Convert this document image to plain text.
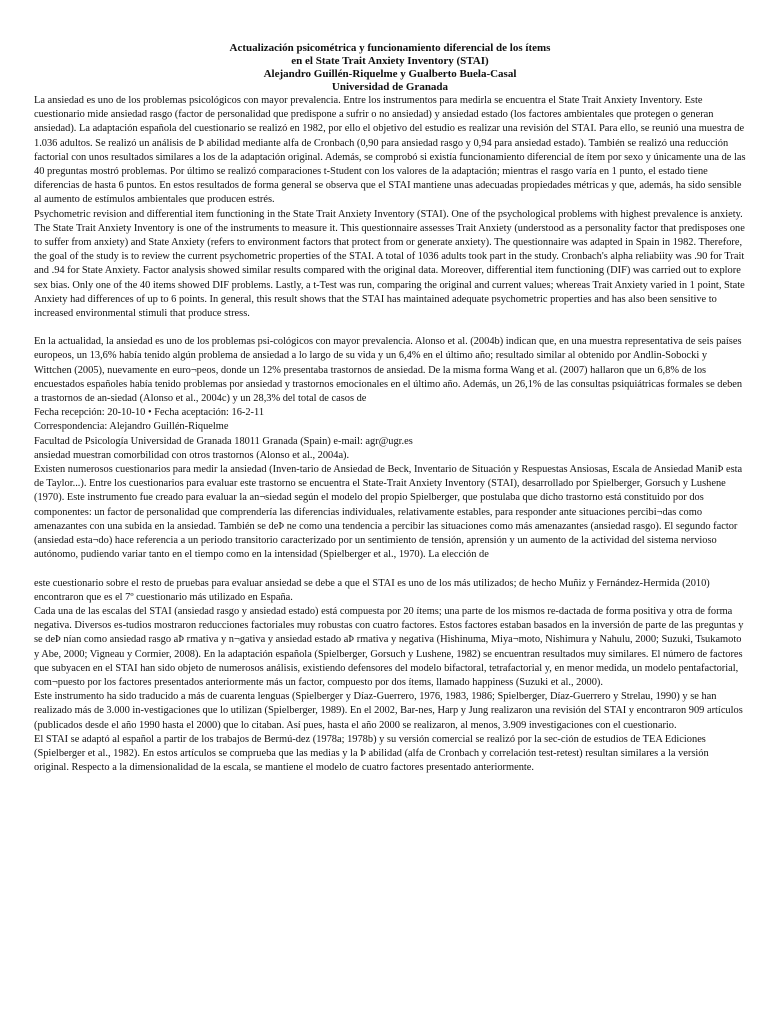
Actualización psicométrica y funcionamiento diferencial de los ítems
en el State Trait Anxiety Inventory (STAI)
Alejandro Guillén-Riquelme y Gualberto Buela-Casal
Universidad de Granada

La ansiedad es uno de los problemas psicológicos con mayor prevalencia. Entre los instrumentos para medirla se encuentra el State Trait Anxiety Inventory. Este cuestionario mide ansiedad rasgo (factor de personalidad que predispone a sufrir o no ansiedad) y ansiedad estado (los factores ambientales que protegen o generan ansiedad). La adaptación española del cuestionario se realizó en 1982, por ello el objetivo del estudio es realizar una revisión del STAI. Para ello, se reunió una muestra de 1.036 adultos. Se realizó un análisis de Þ abilidad mediante alfa de Cronbach (0,90 para ansiedad rasgo y 0,94 para ansiedad estado). También se realizó una reducción factorial con unos resultados similares a los de la adaptación original. Además, se comprobó si existía funcionamiento diferencial de ítem por sexo y únicamente una de las 40 preguntas mostró problemas. Por último se realizó comparaciones t-Student con los valores de la adaptación; mientras el rasgo varía en 1 punto, el estado tiene diferencias de hasta 6 puntos. En estos resultados de forma general se observa que el STAI mantiene unas adecuadas propiedades métricas y que, además, ha sido sensible al aumento de estímulos ambientales que producen estrés.

Psychometric revision and differential item functioning in the State Trait Anxiety Inventory (STAI). One of the psychological problems with highest prevalence is anxiety. The State Trait Anxiety Inventory is one of the instruments to measure it. This questionnaire assesses Trait Anxiety (understood as a personality factor that predisposes one to suffer from anxiety) and State Anxiety (refers to environment factors that protect from or generate anxiety). The questionnaire was adapted in Spain in 1982. Therefore, the goal of the study is to review the current psychometric properties of the STAI. A total of 1036 adults took part in the study. Cronbach's alpha reliabiity was .90 for Trait and .94 for State Anxiety. Factor analysis showed similar results compared with the original data. Moreover, differential item functioning (DIF) was carried out to explore sex bias. Only one of the 40 items showed DIF problems. Lastly, a t-Test was run, comparing the original and current values; whereas Trait Anxiety varied in 1 point, State Anxiety had differences of up to 6 points. In general, this result shows that the STAI has maintained adequate psychometric properties and has also been sensitive to increased environmental stimuli that produce stress.

En la actualidad, la ansiedad es uno de los problemas psi-cológicos con mayor prevalencia. Alonso et al. (2004b) indican que, en una muestra representativa de seis países europeos, un 13,6% había tenido algún problema de ansiedad a lo largo de su vida y un 6,4% en el último año; resultado similar al obtenido por Andlin-Sobocki y Wittchen (2005), nuevamente en euro¬peos, donde un 12% presentaba trastornos de ansiedad. De la misma forma Wang et al. (2007) hallaron que un 6,8% de los encuestados españoles había tenido problemas por ansiedad y trastornos emocionales en el último año. Además, un 26,1% de las consultas psiquiátricas formales se deben a trastornos de an-siedad (Alonso et al., 2004c) y un 28,3% del total de casos de

Fecha recepción: 20-10-10 • Fecha aceptación: 16-2-11

Correspondencia: Alejandro Guillén-Riquelme

Facultad de Psicología Universidad de Granada 18011 Granada (Spain) e-mail: agr@ugr.es

ansiedad muestran comorbilidad con otros trastornos (Alonso et al., 2004a).

Existen numerosos cuestionarios para medir la ansiedad (Inven-tario de Ansiedad de Beck, Inventario de Situación y Respuestas Ansiosas, Escala de Ansiedad ManiÞ esta de Taylor...). Entre los cuestionarios para evaluar este trastorno se encuentra el State-Trait Anxiety Inventory (STAI), desarrollado por Spielberger, Gorsuch y Lushene (1970). Este instrumento fue creado para evaluar la an¬siedad según el modelo del propio Spielberger, que postulaba que dicho trastorno está constituido por dos componentes: un factor de personalidad que comprendería las diferencias individuales, relativamente estables, para responder ante situaciones percibi¬das como amenazantes con una subida en la ansiedad. También se deÞ ne como una tendencia a percibir las situaciones como más amenazantes (ansiedad rasgo). El segundo factor (ansiedad esta¬do) hace referencia a un periodo transitorio caracterizado por un sentimiento de tensión, aprensión y un aumento de la actividad del sistema nervioso autónomo, pudiendo variar tanto en el tiempo como en la intensidad (Spielberger et al., 1970). La elección de

este cuestionario sobre el resto de pruebas para evaluar ansiedad se debe a que el STAI es uno de los más utilizados; de hecho Muñiz y Fernández-Hermida (2010) encontraron que es el 7º cuestionario más utilizado en España.

Cada una de las escalas del STAI (ansiedad rasgo y ansiedad estado) está compuesta por 20 ítems; una parte de los mismos re-dactada de forma positiva y otra de forma negativa. Diversos es-tudios mostraron reducciones factoriales muy robustas con cuatro factores. Estos factores estaban basados en la inversión de parte de las preguntas y se deÞ nían como ansiedad rasgo aÞ rmativa y n¬gativa y ansiedad estado aÞ rmativa y negativa (Hishinuma, Miya¬moto, Nishimura y Nahulu, 2000; Suzuki, Tsukamoto y Abe, 2000; Vigneau y Cormier, 2008). En la adaptación española (Spielberger, Gorsuch y Lushene, 1982) se encuentran resultados muy similares. El número de factores que subyacen en el STAI han sido objeto de numerosos análisis, existiendo defensores del modelo bifactoral, tetrafactorial y, en menor medida, un modelo pentafactorial, com¬puesto por los factores presentados anteriormente más un factor, compuesto por dos ítems, llamado happiness (Suzuki et al., 2000).

Este instrumento ha sido traducido a más de cuarenta lenguas (Spielberger y Díaz-Guerrero, 1976, 1983, 1986; Spielberger, Díaz-Guerrero y Strelau, 1990) y se han realizado más de 3.000 in-vestigaciones que lo utilizan (Spielberger, 1989). En el 2002, Bar-nes, Harp y Jung realizaron una revisión del STAI y encontraron 909 artículos (publicados desde el año 1990 hasta el 2000) que lo citaban. Así pues, hasta el año 2000 se realizaron, al menos, 3.909 investigaciones con el cuestionario.

El STAI se adaptó al español a partir de los trabajos de Bermú-dez (1978a; 1978b) y su versión comercial se realizó por la sec-ción de estudios de TEA Ediciones (Spielberger et al., 1982). En estos artículos se comprueba que las medias y la Þ abilidad (alfa de Cronbach y correlación test-retest) resultan similares a la versión original. Respecto a la dimensionalidad de la escala, se mantiene el modelo de cuatro factores presentado anteriormente.
